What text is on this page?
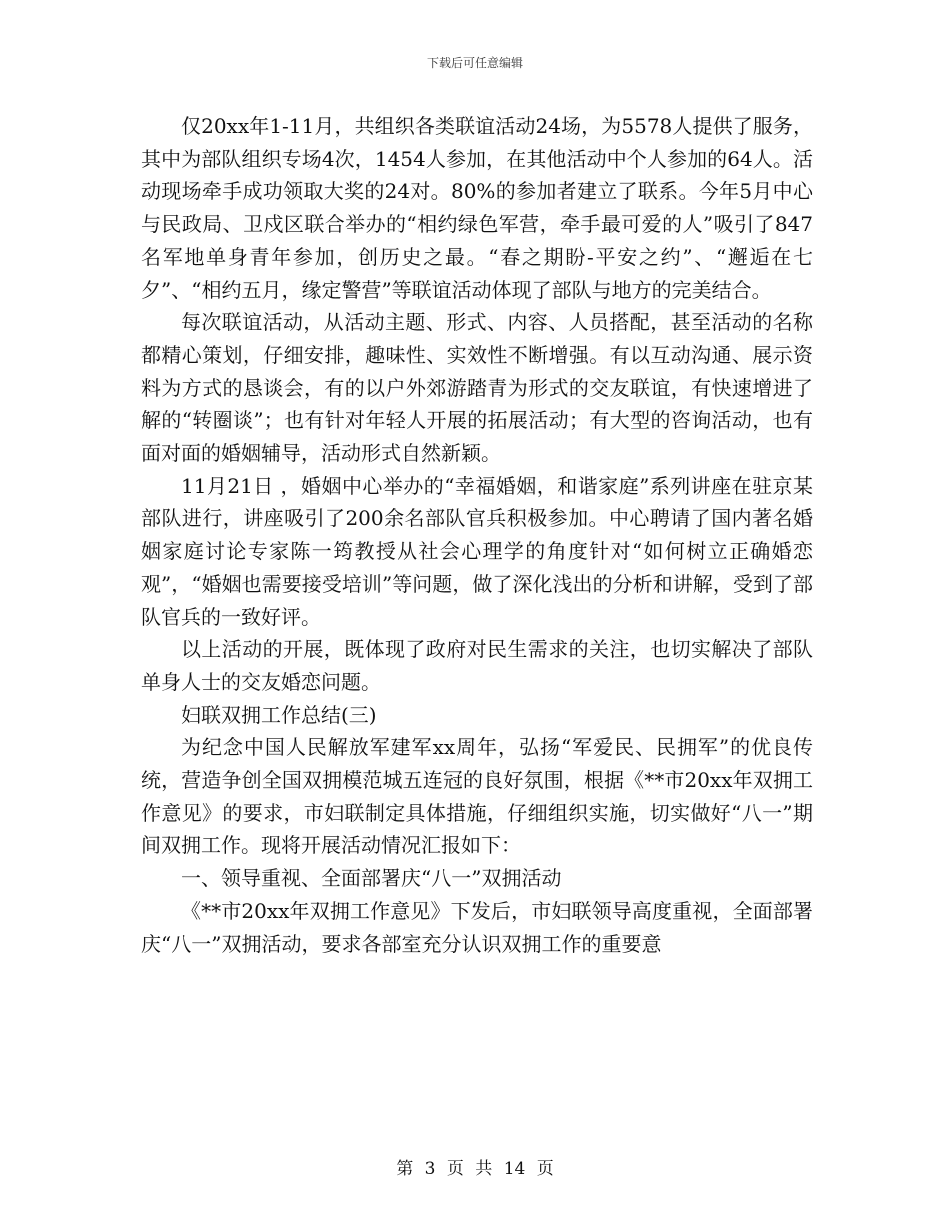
下载后可任意编辑

仅20xx年1-11月，共组织各类联谊活动24场，为5578人提供了服务，其中为部队组织专场4次，1454人参加，在其他活动中个人参加的64人。活动现场牵手成功领取大奖的24对。80%的参加者建立了联系。今年5月中心与民政局、卫戍区联合举办的“相约绿色军营，牵手最可爱的人”吸引了847名军地单身青年参加，创历史之最。“春之期盼-平安之约”、“邂逅在七夕”、“相约五月，缘定警营”等联谊活动体现了部队与地方的完美结合。

每次联谊活动，从活动主题、形式、内容、人员搭配，甚至活动的名称都精心策划，仔细安排，趣味性、实效性不断增强。有以互动沟通、展示资料为方式的恳谈会，有的以户外郊游踏青为形式的交友联谊，有快速增进了解的“转圈谈”；也有针对年轻人开展的拓展活动；有大型的咨询活动，也有面对面的婚姻辅导，活动形式自然新颖。

11月21日 ，婚姻中心举办的“幸福婚姻，和谐家庭”系列讲座在驻京某部队进行，讲座吸引了200余名部队官兵积极参加。中心聘请了国内著名婚姻家庭讨论专家陈一筠教授从社会心理学的角度针对“如何树立正确婚恋观”，“婚姻也需要接受培训”等问题，做了深化浅出的分析和讲解，受到了部队官兵的一致好评。

以上活动的开展，既体现了政府对民生需求的关注，也切实解决了部队单身人士的交友婚恋问题。

妇联双拥工作总结(三)

为纪念中国人民解放军建军xx周年，弘扬“军爱民、民拥军”的优良传统，营造争创全国双拥模范城五连冠的良好氛围，根据《**市20xx年双拥工作意见》的要求，市妇联制定具体措施，仔细组织实施，切实做好“八一”期间双拥工作。现将开展活动情况汇报如下：

一、领导重视、全面部署庆“八一”双拥活动

《**市20xx年双拥工作意见》下发后，市妇联领导高度重视，全面部署庆“八一”双拥活动，要求各部室充分认识双拥工作的重要意

第 3 页 共 14 页
